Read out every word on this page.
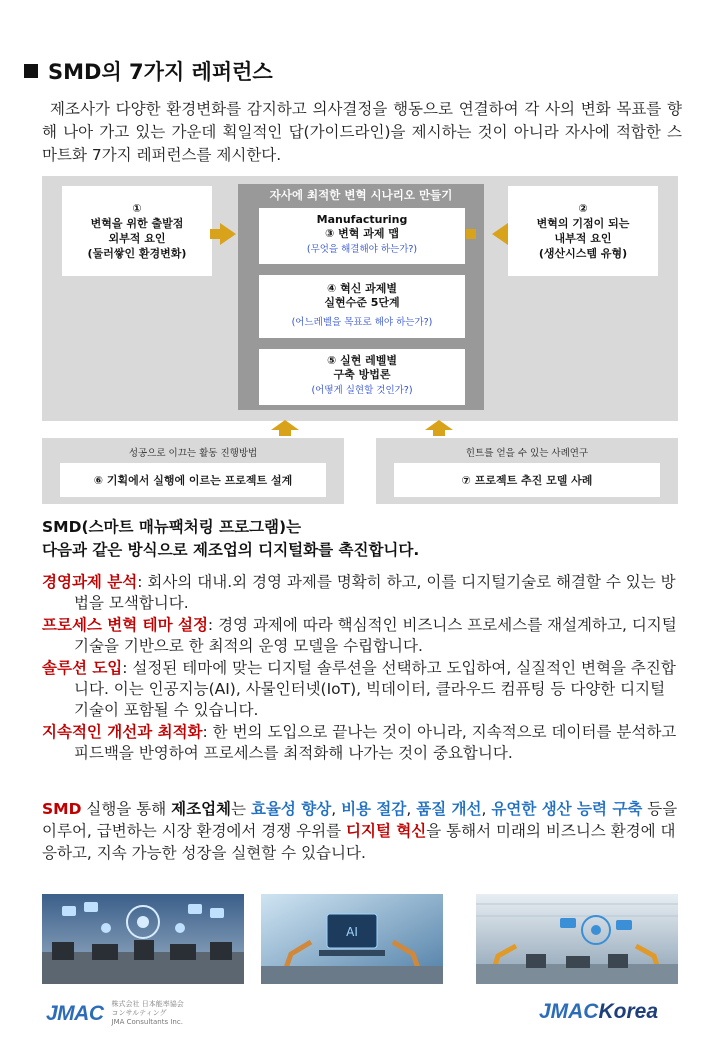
SMD의 7가지 레퍼런스
제조사가 다양한 환경변화를 감지하고 의사결정을 행동으로 연결하여 각 사의 변화 목표를 향해 나아 가고 있는 가운데 획일적인 답(가이드라인)을 제시하는 것이 아니라 자사에 적합한 스마트화 7가지 레퍼런스를 제시한다.
①
변혁을 위한 출발점
외부적 요인
(둘러쌓인 환경변화)
자사에 최적한 변혁 시나리오 만들기
Manufacturing
③ 변혁 과제 맵
(무엇을 해결해야 하는가?)
④ 혁신 과제별
실현수준 5단계
(어느레벨을 목표로 해야 하는가?)
⑤ 실현 레벨별
구축 방법론
(어떻게 실현할 것인가?)
②
변혁의 기점이 되는
내부적 요인
(생산시스템 유형)
성공으로 이끄는 활동 진행방법
⑥ 기획에서 실행에 이르는 프로젝트 설계
힌트를 얻을 수 있는 사례연구
⑦ 프로젝트 추진 모델 사례
SMD(스마트 매뉴팩처링 프로그램)는
다음과 같은 방식으로 제조업의 디지털화를 촉진합니다.
경영과제 분석: 회사의 대내.외 경영 과제를 명확히 하고, 이를 디지털기술로 해결할 수 있는 방법을 모색합니다.
프로세스 변혁 테마 설정: 경영 과제에 따라 핵심적인 비즈니스 프로세스를 재설계하고, 디지털 기술을 기반으로 한 최적의 운영 모델을 수립합니다.
솔루션 도입: 설정된 테마에 맞는 디지털 솔루션을 선택하고 도입하여, 실질적인 변혁을 추진합니다. 이는 인공지능(AI), 사물인터넷(IoT), 빅데이터, 클라우드 컴퓨팅 등 다양한 디지털 기술이 포함될 수 있습니다.
지속적인 개선과 최적화: 한 번의 도입으로 끝나는 것이 아니라, 지속적으로 데이터를 분석하고 피드백을 반영하여 프로세스를 최적화해 나가는 것이 중요합니다.
SMD 실행을 통해 제조업체는 효율성 향상, 비용 절감, 품질 개선, 유연한 생산 능력 구축 등을 이루어, 급변하는 시장 환경에서 경쟁 우위를 디지털 혁신을 통해서 미래의 비즈니스 환경에 대응하고, 지속 가능한 성장을 실현할 수 있습니다.
AI
JMAC 株式会社 日本能率協会
コンサルティング
JMA Consultants Inc.	JMACKorea
